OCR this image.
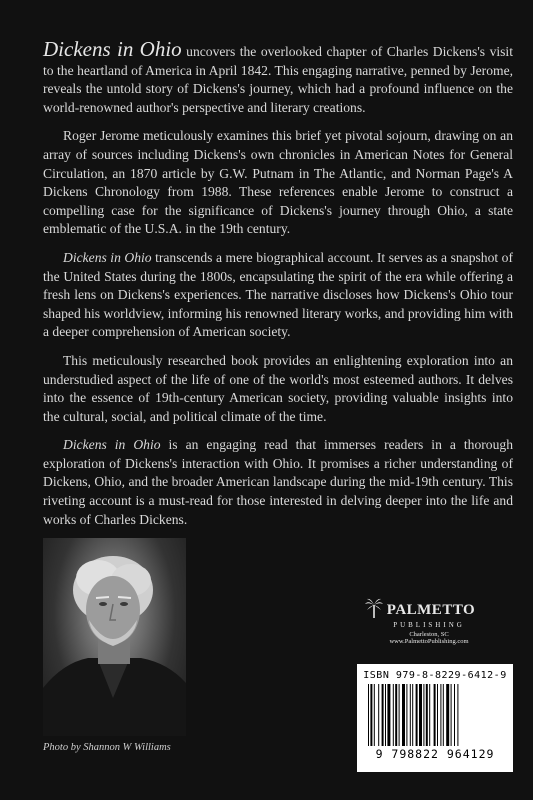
Dickens in Ohio uncovers the overlooked chapter of Charles Dickens's visit to the heartland of America in April 1842. This engaging narrative, penned by Jerome, reveals the untold story of Dickens's journey, which had a profound influence on the world-renowned author's perspective and literary creations.

Roger Jerome meticulously examines this brief yet pivotal sojourn, drawing on an array of sources including Dickens's own chronicles in American Notes for General Circulation, an 1870 article by G.W. Putnam in The Atlantic, and Norman Page's A Dickens Chronology from 1988. These references enable Jerome to construct a compelling case for the significance of Dickens's journey through Ohio, a state emblematic of the U.S.A. in the 19th century.

Dickens in Ohio transcends a mere biographical account. It serves as a snapshot of the United States during the 1800s, encapsulating the spirit of the era while offering a fresh lens on Dickens's experiences. The narrative discloses how Dickens's Ohio tour shaped his worldview, informing his renowned literary works, and providing him with a deeper comprehension of American society.

This meticulously researched book provides an enlightening exploration into an understudied aspect of the life of one of the world's most esteemed authors. It delves into the essence of 19th-century American society, providing valuable insights into the cultural, social, and political climate of the time.

Dickens in Ohio is an engaging read that immerses readers in a thorough exploration of Dickens's interaction with Ohio. It promises a richer understanding of Dickens, Ohio, and the broader American landscape during the mid-19th century. This riveting account is a must-read for those interested in delving deeper into the life and works of Charles Dickens.

Photo by Shannon W Williams
PALMETTO
PUBLISHING
Charleston, SC
www.PalmettoPublishing.com
ISBN 979-8-8229-6412-9
9 798822 964129
